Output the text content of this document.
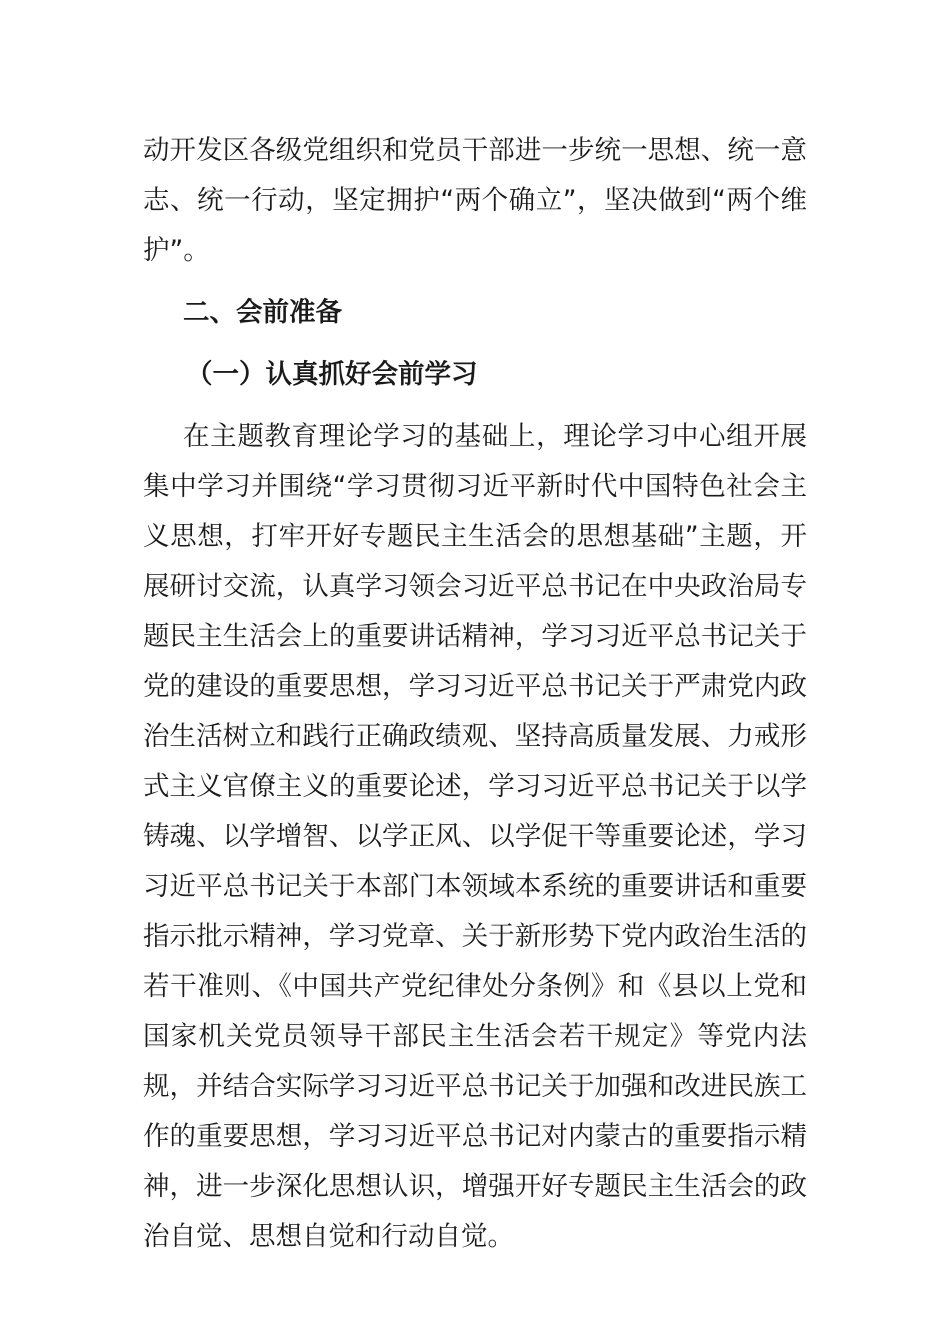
动开发区各级党组织和党员干部进一步统一思想、统一意志、统一行动，坚定拥护“两个确立”，坚决做到“两个维护”。

二、会前准备

（一）认真抓好会前学习

在主题教育理论学习的基础上，理论学习中心组开展集中学习并围绕“学习贯彻习近平新时代中国特色社会主义思想，打牢开好专题民主生活会的思想基础”主题，开展研讨交流，认真学习领会习近平总书记在中央政治局专题民主生活会上的重要讲话精神，学习习近平总书记关于党的建设的重要思想，学习习近平总书记关于严肃党内政治生活树立和践行正确政绩观、坚持高质量发展、力戒形式主义官僚主义的重要论述，学习习近平总书记关于以学铸魂、以学增智、以学正风、以学促干等重要论述，学习习近平总书记关于本部门本领域本系统的重要讲话和重要指示批示精神，学习党章、关于新形势下党内政治生活的若干准则、《中国共产党纪律处分条例》和《县以上党和国家机关党员领导干部民主生活会若干规定》等党内法规，并结合实际学习习近平总书记关于加强和改进民族工作的重要思想，学习习近平总书记对内蒙古的重要指示精神，进一步深化思想认识，增强开好专题民主生活会的政治自觉、思想自觉和行动自觉。
